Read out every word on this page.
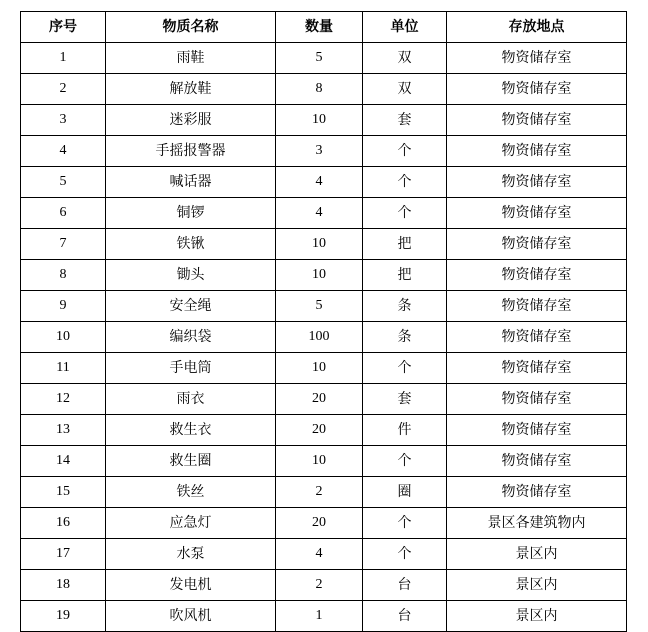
序号	物质名称	数量	单位	存放地点
1	雨鞋	5	双	物资储存室
2	解放鞋	8	双	物资储存室
3	迷彩服	10	套	物资储存室
4	手摇报警器	3	个	物资储存室
5	喊话器	4	个	物资储存室
6	铜锣	4	个	物资储存室
7	铁锹	10	把	物资储存室
8	锄头	10	把	物资储存室
9	安全绳	5	条	物资储存室
10	编织袋	100	条	物资储存室
11	手电筒	10	个	物资储存室
12	雨衣	20	套	物资储存室
13	救生衣	20	件	物资储存室
14	救生圈	10	个	物资储存室
15	铁丝	2	圈	物资储存室
16	应急灯	20	个	景区各建筑物内
17	水泵	4	个	景区内
18	发电机	2	台	景区内
19	吹风机	1	台	景区内
